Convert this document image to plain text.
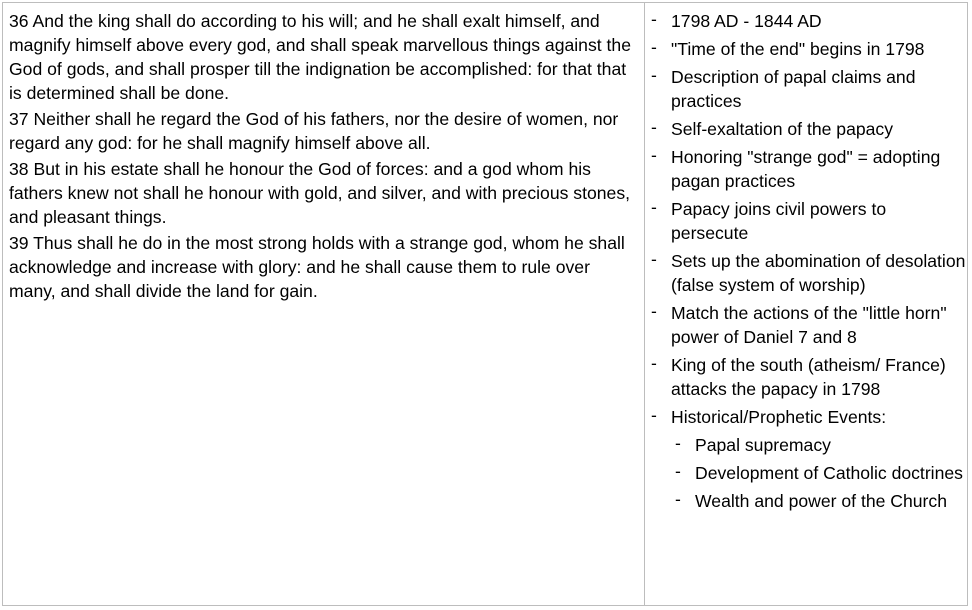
36 And the king shall do according to his will; and he shall exalt himself, and magnify himself above every god, and shall speak marvellous things against the God of gods, and shall prosper till the indignation be accomplished: for that that is determined shall be done.

37 Neither shall he regard the God of his fathers, nor the desire of women, nor regard any god: for he shall magnify himself above all.

38 But in his estate shall he honour the God of forces: and a god whom his fathers knew not shall he honour with gold, and silver, and with precious stones, and pleasant things.

39 Thus shall he do in the most strong holds with a strange god, whom he shall acknowledge and increase with glory: and he shall cause them to rule over many, and shall divide the land for gain.

- 1798 AD - 1844 AD
- "Time of the end" begins in 1798
- Description of papal claims and practices
- Self-exaltation of the papacy
- Honoring "strange god" = adopting pagan practices
- Papacy joins civil powers to persecute
- Sets up the abomination of desolation (false system of worship)
- Match the actions of the "little horn" power of Daniel 7 and 8
- King of the south (atheism/ France) attacks the papacy in 1798
- Historical/Prophetic Events:
- Papal supremacy
- Development of Catholic doctrines
- Wealth and power of the Church
